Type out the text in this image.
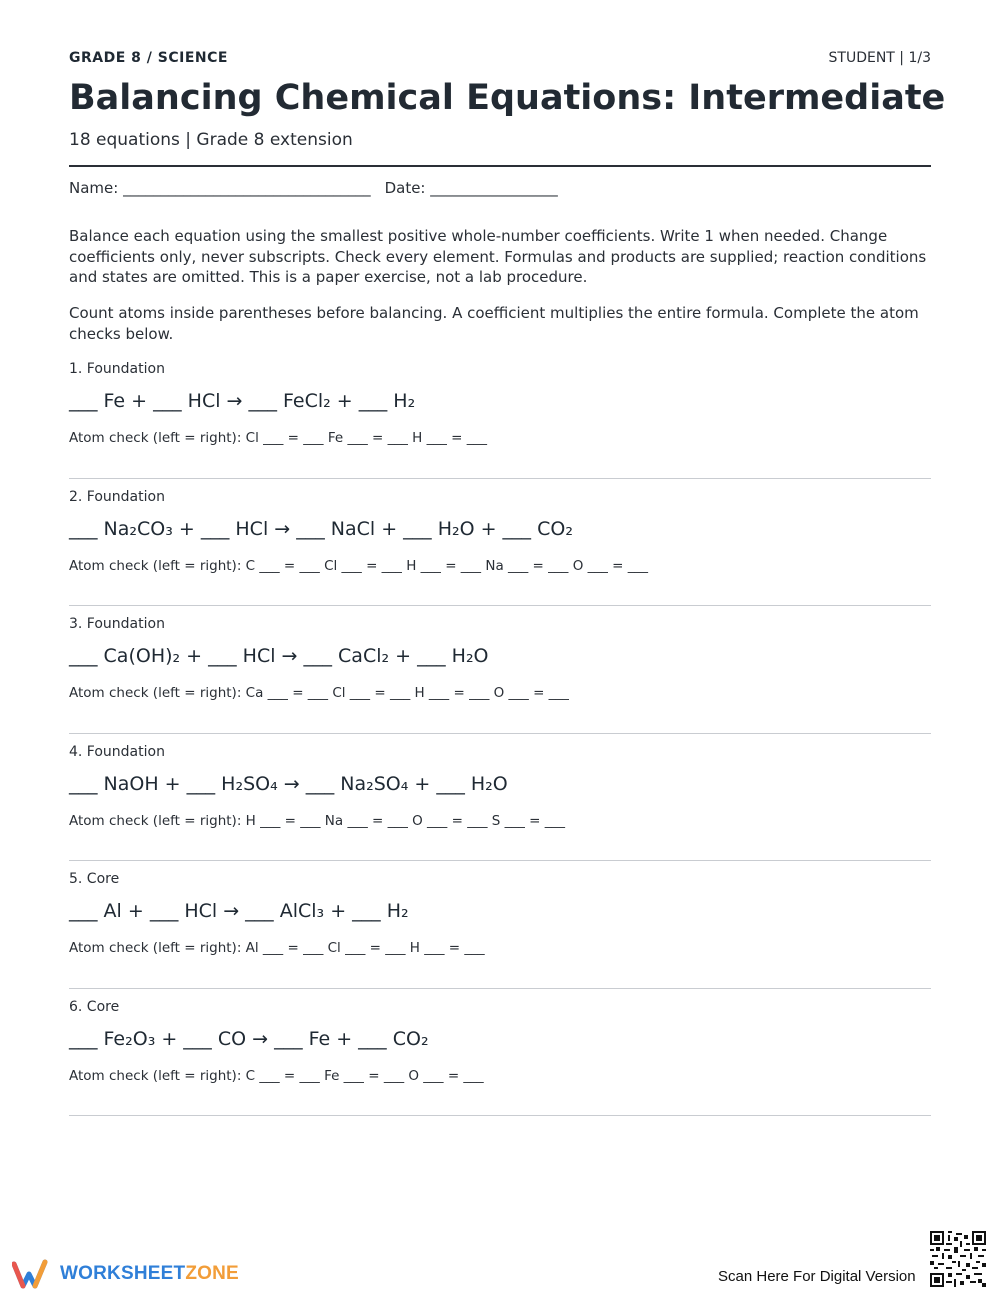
GRADE 8 / SCIENCE	STUDENT | 1/3
Balancing Chemical Equations: Intermediate
18 equations | Grade 8 extension
Name: _________________________________ Date: _________________

Balance each equation using the smallest positive whole-number coefficients. Write 1 when needed. Change coefficients only, never subscripts. Check every element. Formulas and products are supplied; reaction conditions and states are omitted. This is a paper exercise, not a lab procedure.

Count atoms inside parentheses before balancing. A coefficient multiplies the entire formula. Complete the atom checks below.

1. Foundation
___ Fe + ___ HCl → ___ FeCl₂ + ___ H₂
Atom check (left = right): Cl ___ = ___ Fe ___ = ___ H ___ = ___
2. Foundation
___ Na₂CO₃ + ___ HCl → ___ NaCl + ___ H₂O + ___ CO₂
Atom check (left = right): C ___ = ___ Cl ___ = ___ H ___ = ___ Na ___ = ___ O ___ = ___
3. Foundation
___ Ca(OH)₂ + ___ HCl → ___ CaCl₂ + ___ H₂O
Atom check (left = right): Ca ___ = ___ Cl ___ = ___ H ___ = ___ O ___ = ___
4. Foundation
___ NaOH + ___ H₂SO₄ → ___ Na₂SO₄ + ___ H₂O
Atom check (left = right): H ___ = ___ Na ___ = ___ O ___ = ___ S ___ = ___
5. Core
___ Al + ___ HCl → ___ AlCl₃ + ___ H₂
Atom check (left = right): Al ___ = ___ Cl ___ = ___ H ___ = ___
6. Core
___ Fe₂O₃ + ___ CO → ___ Fe + ___ CO₂
Atom check (left = right): C ___ = ___ Fe ___ = ___ O ___ = ___
WORKSHEETZONE	Scan Here For Digital Version
